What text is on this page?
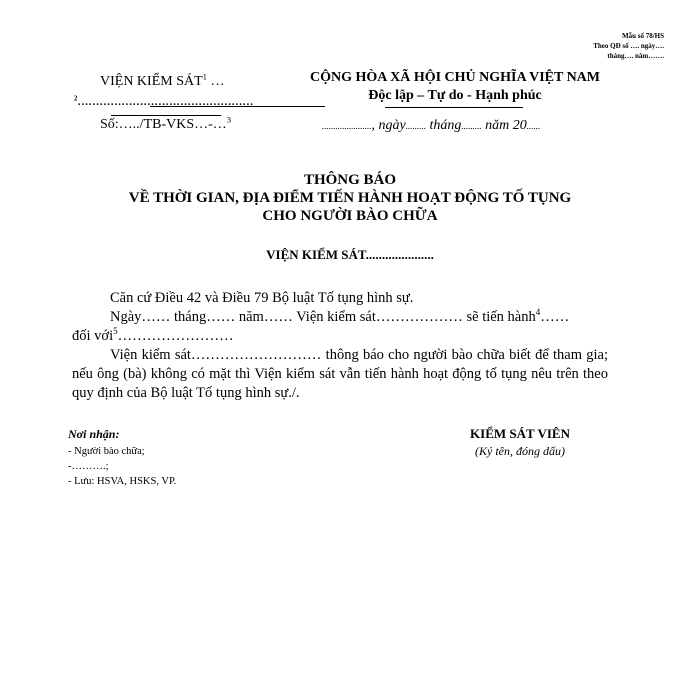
Mẫu số 78/HS
Theo QĐ số …. ngày….
tháng…. năm…….
VIỆN KIỂM SÁT$^1$ …
$^2$…………………………………………
Số:…../TB-VKS…-…$^3$
CỘNG HÒA XÃ HỘI CHỦ NGHĨA VIỆT NAM
Độc lập – Tự do - Hạnh phúc
......................, ngày......... tháng......... năm 20......
THÔNG BÁO
VỀ THỜI GIAN, ĐỊA ĐIỂM TIẾN HÀNH HOẠT ĐỘNG TỐ TỤNG
CHO NGƯỜI BÀO CHỮA
VIỆN KIỂM SÁT.....................

Căn cứ Điều 42 và Điều 79 Bộ luật Tố tụng hình sự.

Ngày…… tháng…… năm…… Viện kiểm sát……………… sẽ tiến hành$^4$……

đối với$^5$……………………

Viện kiểm sát……………………… thông báo cho người bào chữa biết để tham gia; nếu ông (bà) không có mặt thì Viện kiểm sát vẫn tiến hành hoạt động tố tụng nêu trên theo quy định của Bộ luật Tố tụng hình sự./.

Nơi nhận:
- Người bào chữa;
-……….;
- Lưu: HSVA, HSKS, VP.
KIỂM SÁT VIÊN
(Ký tên, đóng dấu)
